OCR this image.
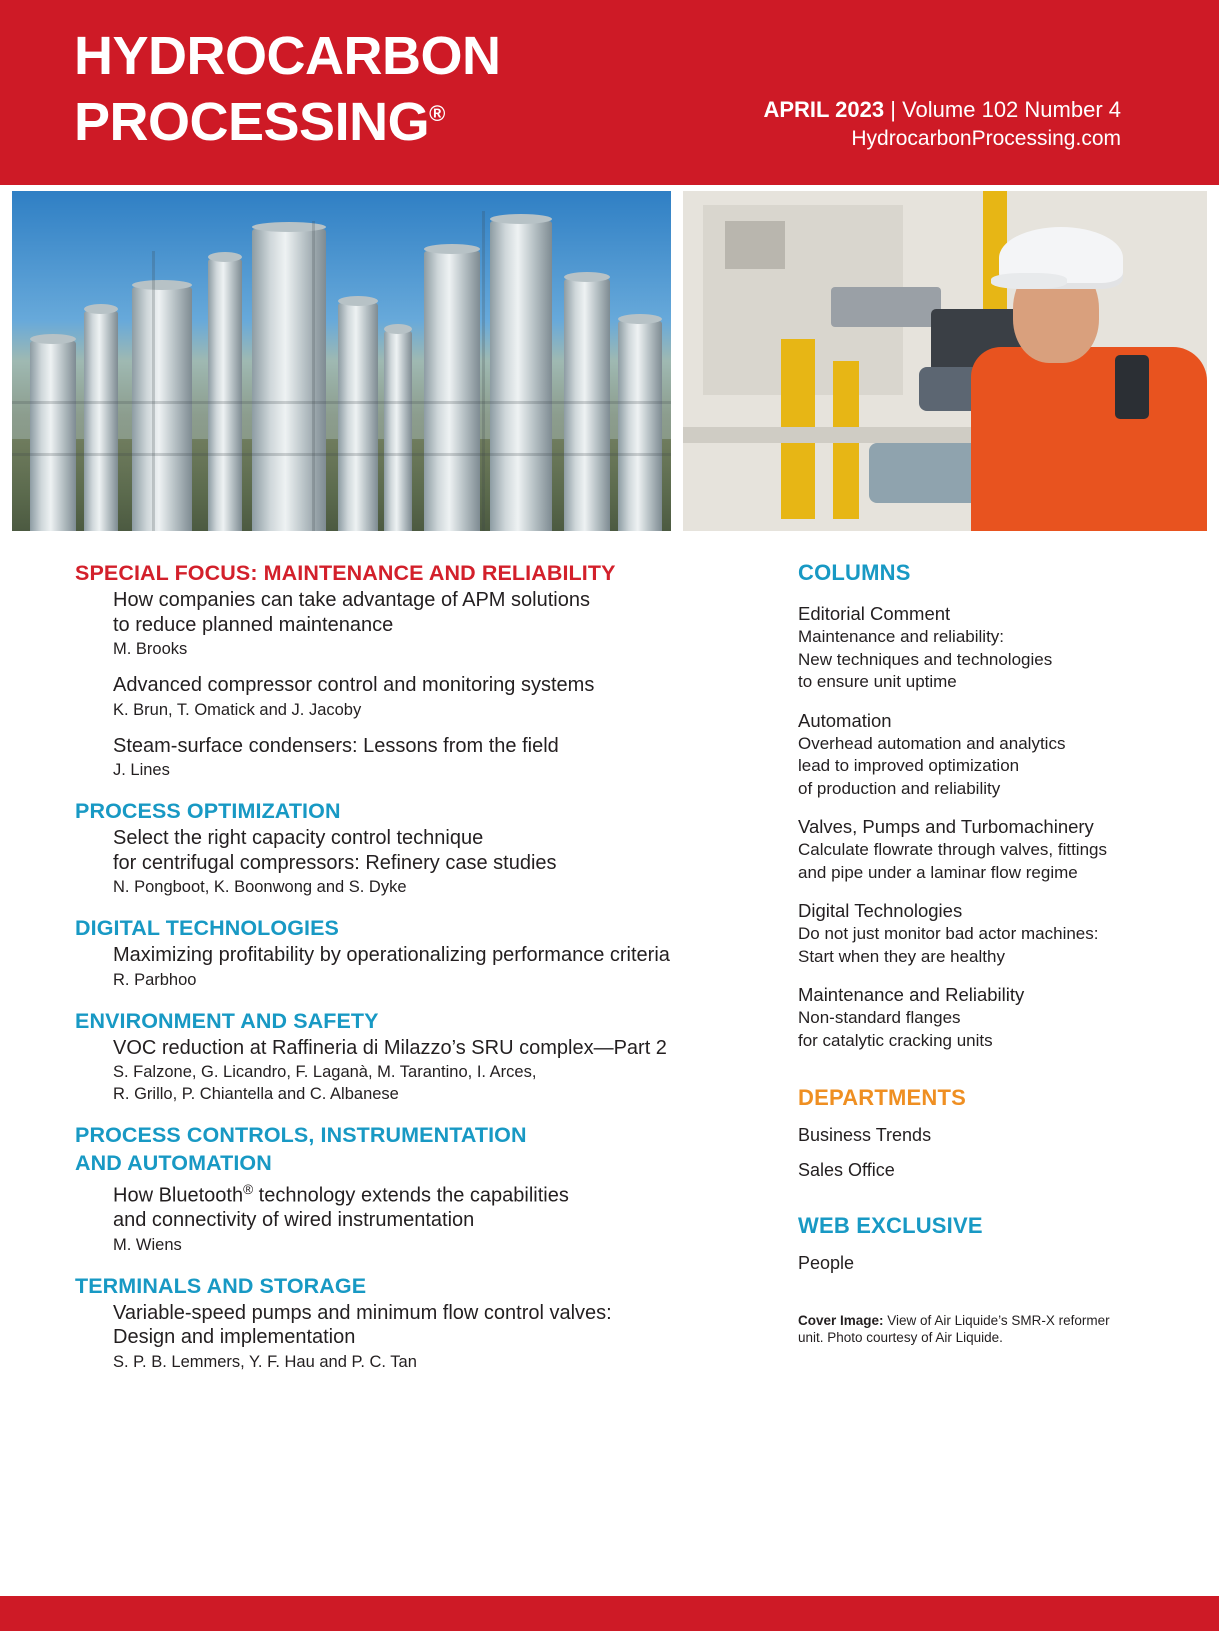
HYDROCARBON
PROCESSING®	APRIL 2023 | Volume 102 Number 4
HydrocarbonProcessing.com
SPECIAL FOCUS: MAINTENANCE AND RELIABILITY
How companies can take advantage of APM solutions
to reduce planned maintenance
M. Brooks
Advanced compressor control and monitoring systems
K. Brun, T. Omatick and J. Jacoby
Steam-surface condensers: Lessons from the field
J. Lines
PROCESS OPTIMIZATION
Select the right capacity control technique
for centrifugal compressors: Refinery case studies
N. Pongboot, K. Boonwong and S. Dyke
DIGITAL TECHNOLOGIES
Maximizing profitability by operationalizing performance criteria
R. Parbhoo
ENVIRONMENT AND SAFETY
VOC reduction at Raffineria di Milazzo’s SRU complex—Part 2
S. Falzone, G. Licandro, F. Laganà, M. Tarantino, I. Arces,
R. Grillo, P. Chiantella and C. Albanese
PROCESS CONTROLS, INSTRUMENTATION
AND AUTOMATION
How Bluetooth® technology extends the capabilities
and connectivity of wired instrumentation
M. Wiens
TERMINALS AND STORAGE
Variable-speed pumps and minimum flow control valves:
Design and implementation
S. P. B. Lemmers, Y. F. Hau and P. C. Tan
COLUMNS
Editorial Comment
Maintenance and reliability:
New techniques and technologies
to ensure unit uptime
Automation
Overhead automation and analytics
lead to improved optimization
of production and reliability
Valves, Pumps and Turbomachinery
Calculate flowrate through valves, fittings
and pipe under a laminar flow regime
Digital Technologies
Do not just monitor bad actor machines:
Start when they are healthy
Maintenance and Reliability
Non-standard flanges
for catalytic cracking units
DEPARTMENTS
Business Trends
Sales Office
WEB EXCLUSIVE
People
Cover Image: View of Air Liquide’s SMR-X reformer
unit. Photo courtesy of Air Liquide.
